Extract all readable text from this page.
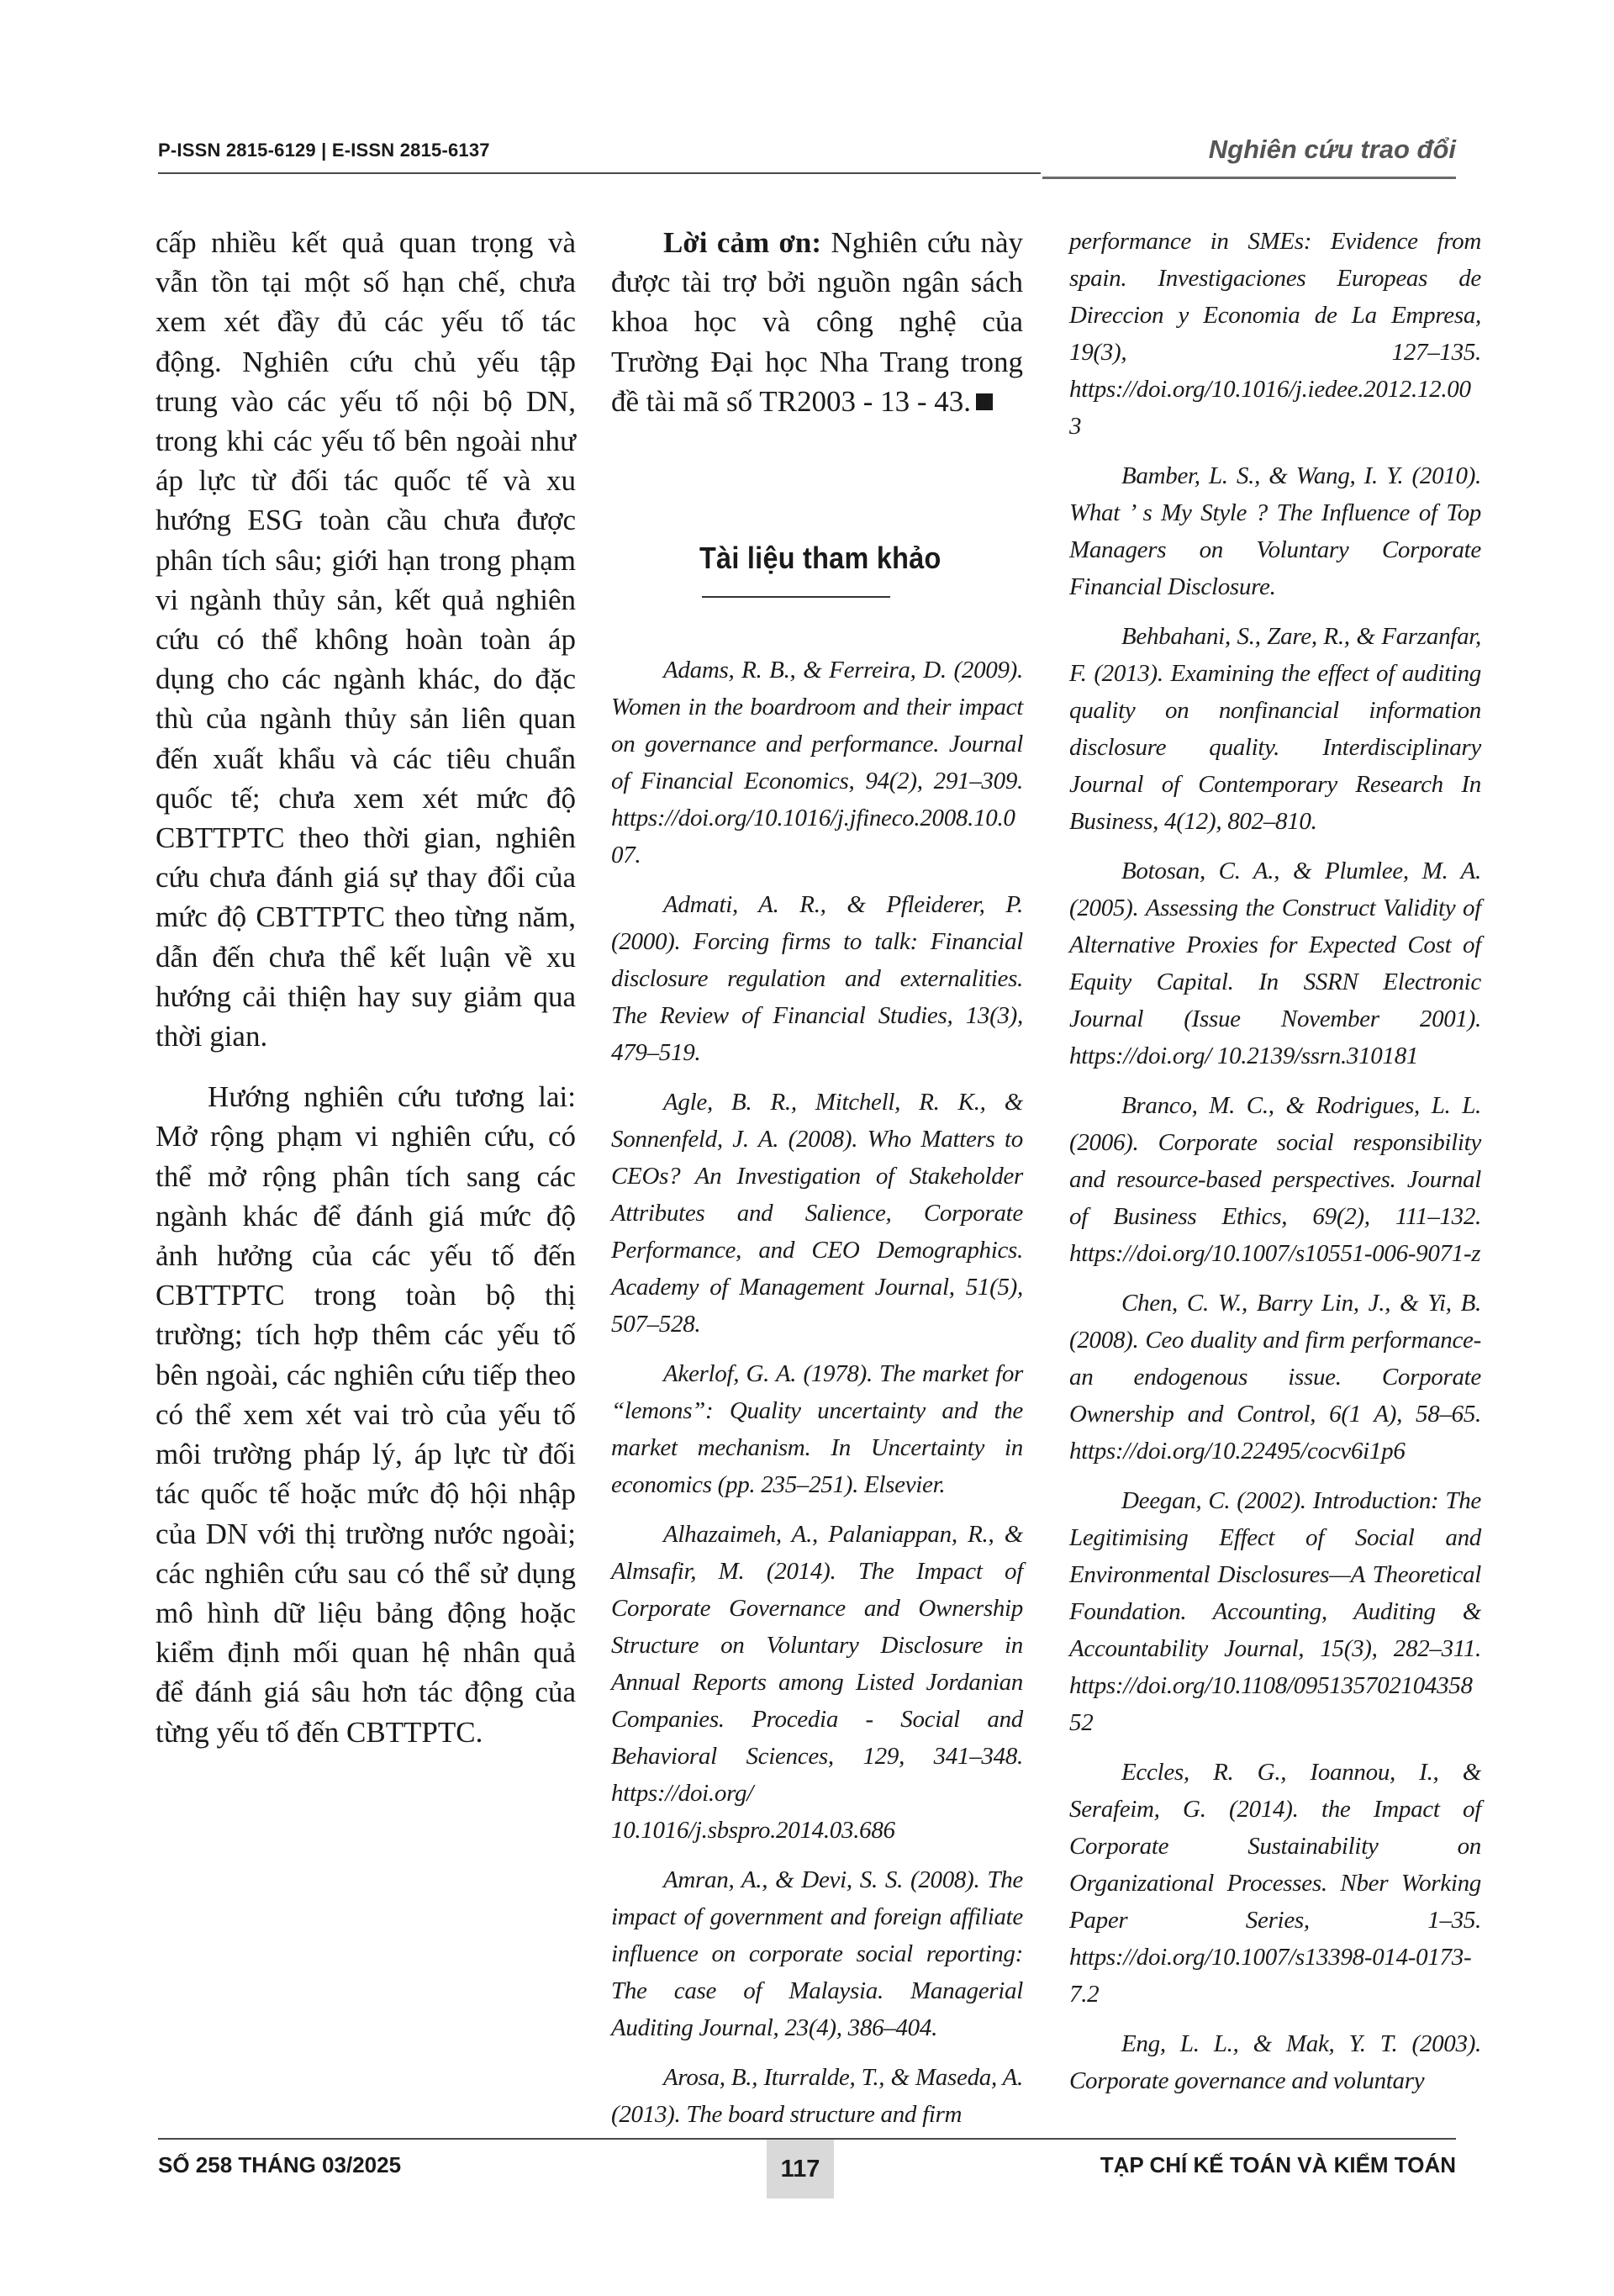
P-ISSN 2815-6129 | E-ISSN 2815-6137	Nghiên cứu trao đổi

cấp nhiều kết quả quan trọng và vẫn tồn tại một số hạn chế, chưa xem xét đầy đủ các yếu tố tác động. Nghiên cứu chủ yếu tập trung vào các yếu tố nội bộ DN, trong khi các yếu tố bên ngoài như áp lực từ đối tác quốc tế và xu hướng ESG toàn cầu chưa được phân tích sâu; giới hạn trong phạm vi ngành thủy sản, kết quả nghiên cứu có thể không hoàn toàn áp dụng cho các ngành khác, do đặc thù của ngành thủy sản liên quan đến xuất khẩu và các tiêu chuẩn quốc tế; chưa xem xét mức độ CBTTPTC theo thời gian, nghiên cứu chưa đánh giá sự thay đổi của mức độ CBTTPTC theo từng năm, dẫn đến chưa thể kết luận về xu hướng cải thiện hay suy giảm qua thời gian.

Hướng nghiên cứu tương lai: Mở rộng phạm vi nghiên cứu, có thể mở rộng phân tích sang các ngành khác để đánh giá mức độ ảnh hưởng của các yếu tố đến CBTTPTC trong toàn bộ thị trường; tích hợp thêm các yếu tố bên ngoài, các nghiên cứu tiếp theo có thể xem xét vai trò của yếu tố môi trường pháp lý, áp lực từ đối tác quốc tế hoặc mức độ hội nhập của DN với thị trường nước ngoài; các nghiên cứu sau có thể sử dụng mô hình dữ liệu bảng động hoặc kiểm định mối quan hệ nhân quả để đánh giá sâu hơn tác động của từng yếu tố đến CBTTPTC.

Lời cảm ơn: Nghiên cứu này được tài trợ bởi nguồn ngân sách khoa học và công nghệ của Trường Đại học Nha Trang trong đề tài mã số TR2003 - 13 - 43.

Tài liệu tham khảo

Adams, R. B., & Ferreira, D. (2009). Women in the boardroom and their impact on governance and performance. Journal of Financial Economics, 94(2), 291–309. https://doi.org/10.1016/j.jfineco.2008.10.007.

Admati, A. R., & Pfleiderer, P. (2000). Forcing firms to talk: Financial disclosure regulation and externalities. The Review of Financial Studies, 13(3), 479–519.

Agle, B. R., Mitchell, R. K., & Sonnenfeld, J. A. (2008). Who Matters to CEOs? An Investigation of Stakeholder Attributes and Salience, Corporate Performance, and CEO Demographics. Academy of Management Journal, 51(5), 507–528.

Akerlof, G. A. (1978). The market for “lemons”: Quality uncertainty and the market mechanism. In Uncertainty in economics (pp. 235–251). Elsevier.

Alhazaimeh, A., Palaniappan, R., & Almsafir, M. (2014). The Impact of Corporate Governance and Ownership Structure on Voluntary Disclosure in Annual Reports among Listed Jordanian Companies. Procedia - Social and Behavioral Sciences, 129, 341–348. https://doi.org/ 10.1016/j.sbspro.2014.03.686

Amran, A., & Devi, S. S. (2008). The impact of government and foreign affiliate influence on corporate social reporting: The case of Malaysia. Managerial Auditing Journal, 23(4), 386–404.

Arosa, B., Iturralde, T., & Maseda, A. (2013). The board structure and firm

performance in SMEs: Evidence from spain. Investigaciones Europeas de Direccion y Economia de La Empresa, 19(3), 127–135. https://doi.org/10.1016/j.iedee.2012.12.003

Bamber, L. S., & Wang, I. Y. (2010). What ’ s My Style ? The Influence of Top Managers on Voluntary Corporate Financial Disclosure.

Behbahani, S., Zare, R., & Farzanfar, F. (2013). Examining the effect of auditing quality on nonfinancial information disclosure quality. Interdisciplinary Journal of Contemporary Research In Business, 4(12), 802–810.

Botosan, C. A., & Plumlee, M. A. (2005). Assessing the Construct Validity of Alternative Proxies for Expected Cost of Equity Capital. In SSRN Electronic Journal (Issue November 2001). https://doi.org/ 10.2139/ssrn.310181

Branco, M. C., & Rodrigues, L. L. (2006). Corporate social responsibility and resource-based perspectives. Journal of Business Ethics, 69(2), 111–132. https://doi.org/10.1007/s10551-006-9071-z

Chen, C. W., Barry Lin, J., & Yi, B. (2008). Ceo duality and firm performance-an endogenous issue. Corporate Ownership and Control, 6(1 A), 58–65. https://doi.org/10.22495/cocv6i1p6

Deegan, C. (2002). Introduction: The Legitimising Effect of Social and Environmental Disclosures—A Theoretical Foundation. Accounting, Auditing & Accountability Journal, 15(3), 282–311. https://doi.org/10.1108/09513570210435852

Eccles, R. G., Ioannou, I., & Serafeim, G. (2014). the Impact of Corporate Sustainability on Organizational Processes. Nber Working Paper Series, 1–35. https://doi.org/10.1007/s13398-014-0173-7.2

Eng, L. L., & Mak, Y. T. (2003). Corporate governance and voluntary

SỐ 258 THÁNG 03/2025	117	TẠP CHÍ KẾ TOÁN VÀ KIỂM TOÁN
